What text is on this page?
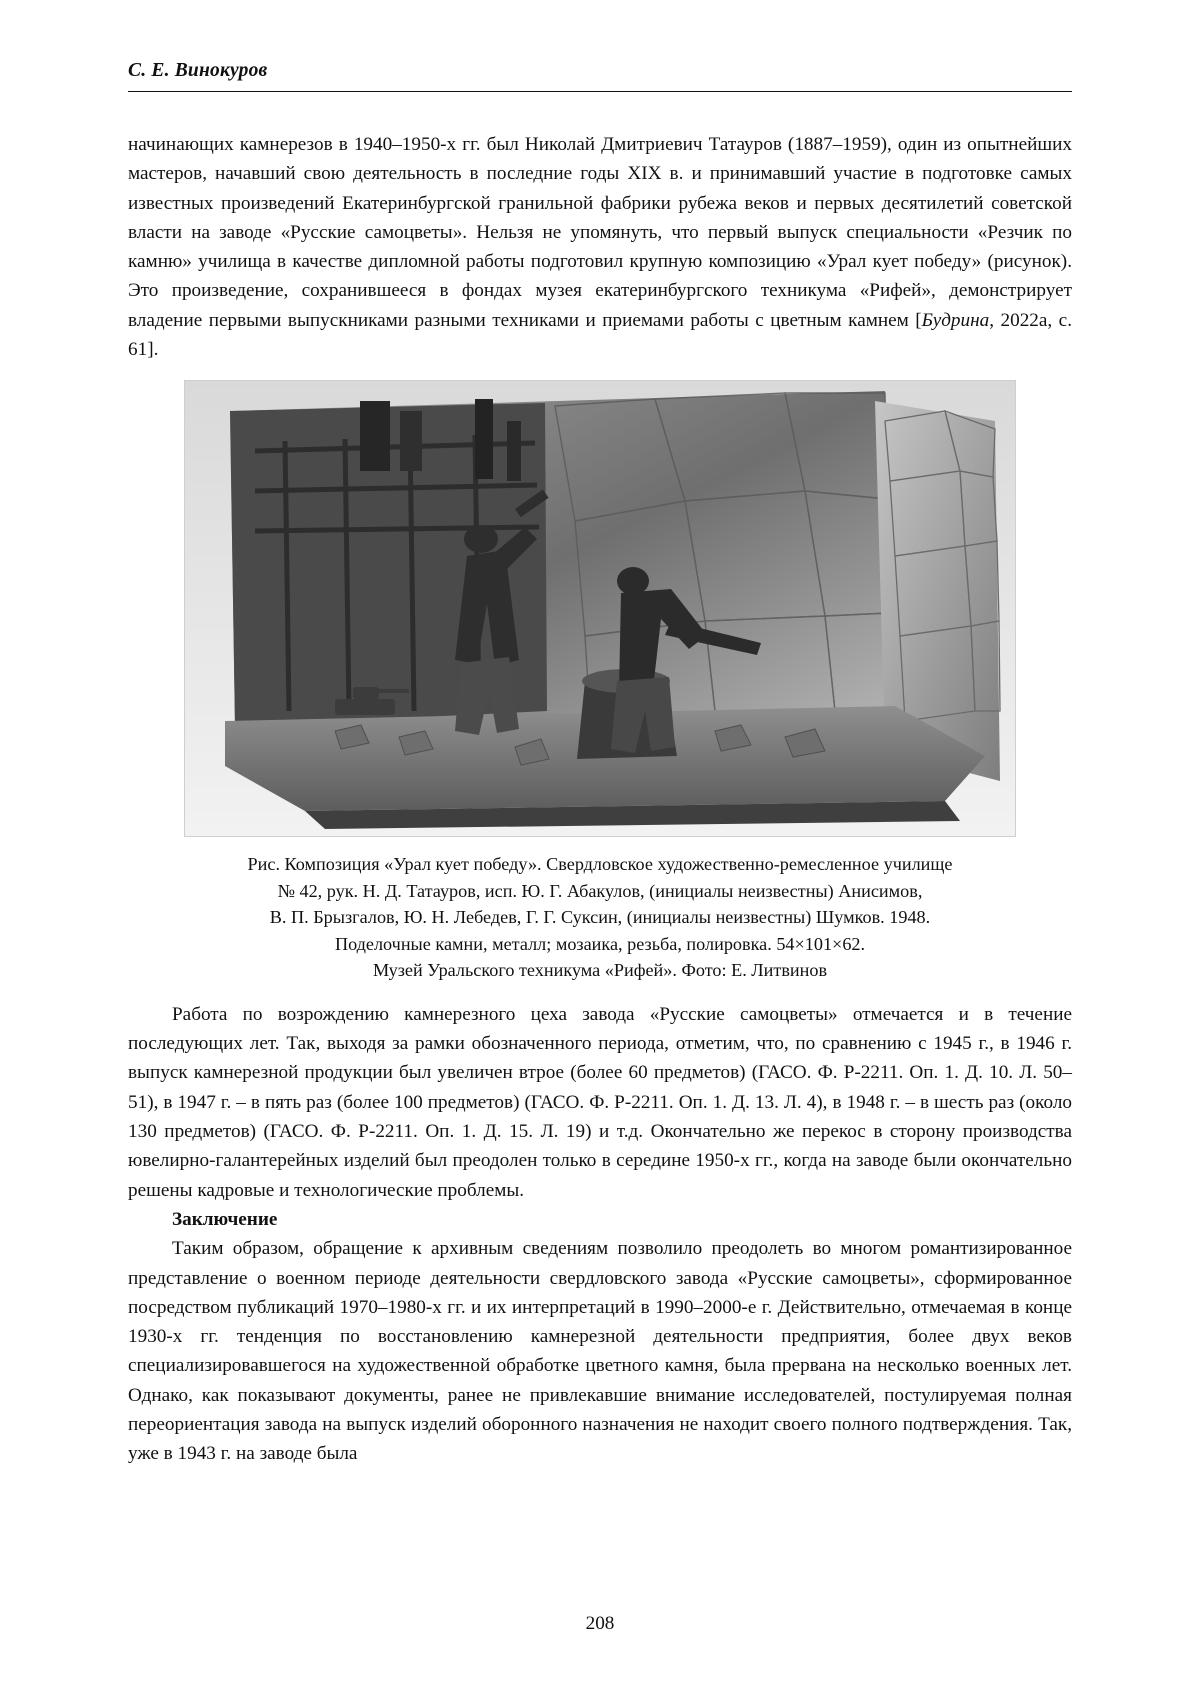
С. Е. Винокуров

начинающих камнерезов в 1940–1950-х гг. был Николай Дмитриевич Татауров (1887–1959), один из опытнейших мастеров, начавший свою деятельность в последние годы XIX в. и принимавший участие в подготовке самых известных произведений Екатеринбургской гранильной фабрики рубежа веков и первых десятилетий советской власти на заводе «Русские самоцветы». Нельзя не упомянуть, что первый выпуск специальности «Резчик по камню» училища в качестве дипломной работы подготовил крупную композицию «Урал кует победу» (рисунок). Это произведение, сохранившееся в фондах музея екатеринбургского техникума «Рифей», демонстрирует владение первыми выпускниками разными техниками и приемами работы с цветным камнем [Будрина, 2022а, с. 61].

Рис. Композиция «Урал кует победу». Свердловское художественно-ремесленное училище
№ 42, рук. Н. Д. Татауров, исп. Ю. Г. Абакулов, (инициалы неизвестны) Анисимов,
В. П. Брызгалов, Ю. Н. Лебедев, Г. Г. Суксин, (инициалы неизвестны) Шумков. 1948.
Поделочные камни, металл; мозаика, резьба, полировка. 54×101×62.
Музей Уральского техникума «Рифей». Фото: Е. Литвинов

Работа по возрождению камнерезного цеха завода «Русские самоцветы» отмечается и в течение последующих лет. Так, выходя за рамки обозначенного периода, отметим, что, по сравнению с 1945 г., в 1946 г. выпуск камнерезной продукции был увеличен втрое (более 60 предметов) (ГАСО. Ф. Р-2211. Оп. 1. Д. 10. Л. 50–51), в 1947 г. – в пять раз (более 100 предметов) (ГАСО. Ф. Р-2211. Оп. 1. Д. 13. Л. 4), в 1948 г. – в шесть раз (около 130 предметов) (ГАСО. Ф. Р-2211. Оп. 1. Д. 15. Л. 19) и т.д. Окончательно же перекос в сторону производства ювелирно-галантерейных изделий был преодолен только в середине 1950-х гг., когда на заводе были окончательно решены кадровые и технологические проблемы.

Заключение

Таким образом, обращение к архивным сведениям позволило преодолеть во многом романтизированное представление о военном периоде деятельности свердловского завода «Русские самоцветы», сформированное посредством публикаций 1970–1980-х гг. и их интерпретаций в 1990–2000-е г. Действительно, отмечаемая в конце 1930-х гг. тенденция по восстановлению камнерезной деятельности предприятия, более двух веков специализировавшегося на художественной обработке цветного камня, была прервана на несколько военных лет. Однако, как показывают документы, ранее не привлекавшие внимание исследователей, постулируемая полная переориентация завода на выпуск изделий оборонного назначения не находит своего полного подтверждения. Так, уже в 1943 г. на заводе была

208
